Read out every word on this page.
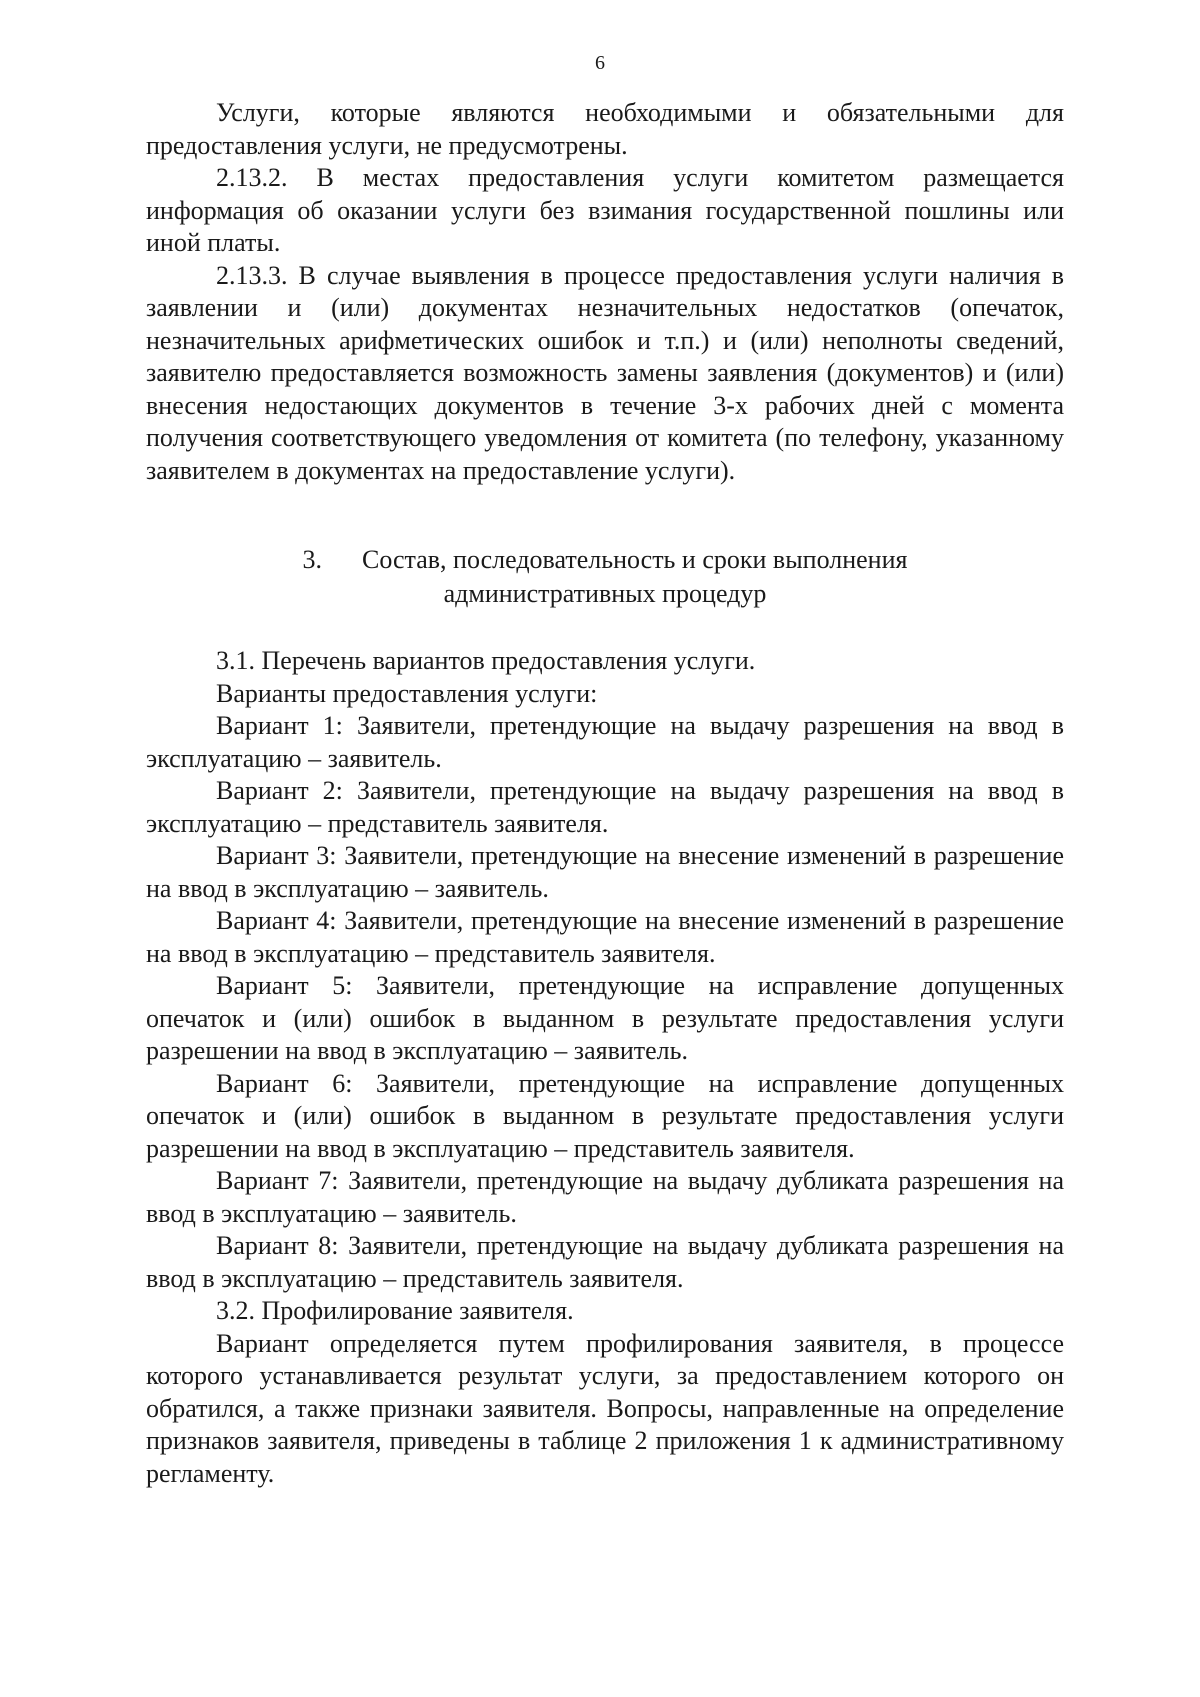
6

Услуги, которые являются необходимыми и обязательными для предоставления услуги, не предусмотрены.

2.13.2. В местах предоставления услуги комитетом размещается информация об оказании услуги без взимания государственной пошлины или иной платы.

2.13.3. В случае выявления в процессе предоставления услуги наличия в заявлении и (или) документах незначительных недостатков (опечаток, незначительных арифметических ошибок и т.п.) и (или) неполноты сведений, заявителю предоставляется возможность замены заявления (документов) и (или) внесения недостающих документов в течение 3-х рабочих дней с момента получения соответствующего уведомления от комитета (по телефону, указанному заявителем в документах на предоставление услуги).

3. Состав, последовательность и сроки выполнения
административных процедур

3.1. Перечень вариантов предоставления услуги.

Варианты предоставления услуги:

Вариант 1: Заявители, претендующие на выдачу разрешения на ввод в эксплуатацию – заявитель.

Вариант 2: Заявители, претендующие на выдачу разрешения на ввод в эксплуатацию – представитель заявителя.

Вариант 3: Заявители, претендующие на внесение изменений в разрешение на ввод в эксплуатацию – заявитель.

Вариант 4: Заявители, претендующие на внесение изменений в разрешение на ввод в эксплуатацию – представитель заявителя.

Вариант 5: Заявители, претендующие на исправление допущенных опечаток и (или) ошибок в выданном в результате предоставления услуги разрешении на ввод в эксплуатацию – заявитель.

Вариант 6: Заявители, претендующие на исправление допущенных опечаток и (или) ошибок в выданном в результате предоставления услуги разрешении на ввод в эксплуатацию – представитель заявителя.

Вариант 7: Заявители, претендующие на выдачу дубликата разрешения на ввод в эксплуатацию – заявитель.

Вариант 8: Заявители, претендующие на выдачу дубликата разрешения на ввод в эксплуатацию – представитель заявителя.

3.2. Профилирование заявителя.

Вариант определяется путем профилирования заявителя, в процессе которого устанавливается результат услуги, за предоставлением которого он обратился, а также признаки заявителя. Вопросы, направленные на определение признаков заявителя, приведены в таблице 2 приложения 1 к административному регламенту.
